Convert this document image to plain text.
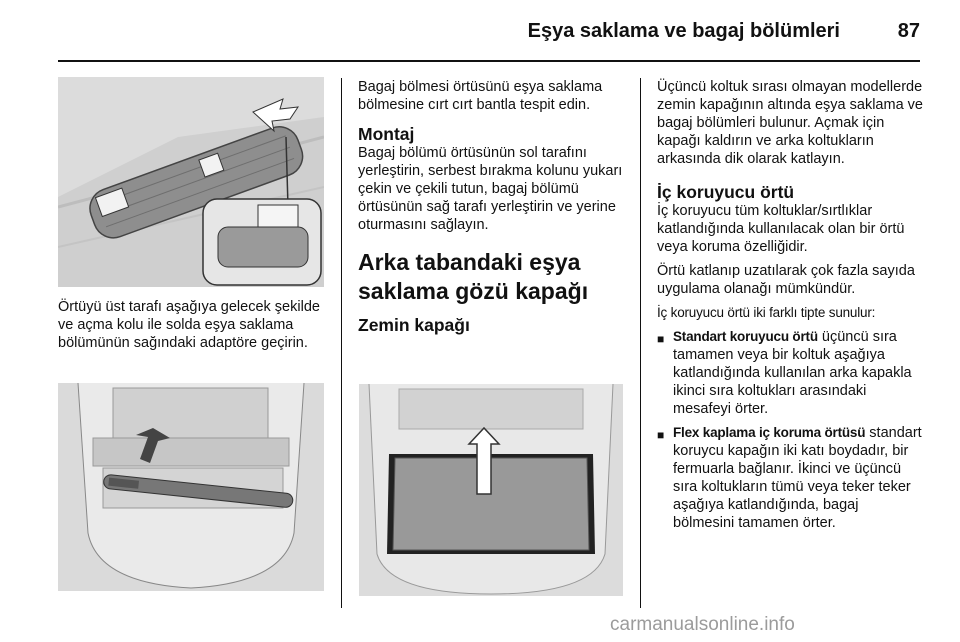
Eşya saklama ve bagaj bölümleri	87
Örtüyü üst tarafı aşağıya gelecek şekilde ve açma kolu ile solda eşya saklama bölümünün sağındaki adaptöre geçirin.

Bagaj bölmesi örtüsünü eşya saklama bölmesine cırt cırt bantla tespit edin.

Montaj

Bagaj bölümü örtüsünün sol tarafını yerleştirin, serbest bırakma kolunu yukarı çekin ve çekili tutun, bagaj bölümü örtüsünün sağ tarafı yerleştirin ve yerine oturmasını sağlayın.

Arka tabandaki eşya saklama gözü kapağı
Zemin kapağı

Üçüncü koltuk sırası olmayan modellerde zemin kapağının altında eşya saklama ve bagaj bölümleri bulunur. Açmak için kapağı kaldırın ve arka koltukların arkasında dik olarak katlayın.

İç koruyucu örtü

İç koruyucu tüm koltuklar/sırtlıklar katlandığında kullanılacak olan bir örtü veya koruma özelliğidir.

Örtü katlanıp uzatılarak çok fazla sayıda uygulama olanağı mümkündür.

İç koruyucu örtü iki farklı tipte sunulur:

■ Standart koruyucu örtü üçüncü sıra tamamen veya bir koltuk aşağıya katlandığında kullanılan arka kapakla ikinci sıra koltukları arasındaki mesafeyi örter.
■ Flex kaplama iç koruma örtüsü standart koruycu kapağın iki katı boydadır, bir fermuarla bağlanır. İkinci ve üçüncü sıra koltukların tümü veya teker teker aşağıya katlandığında, bagaj bölmesini tamamen örter.
carmanualsonline.info
